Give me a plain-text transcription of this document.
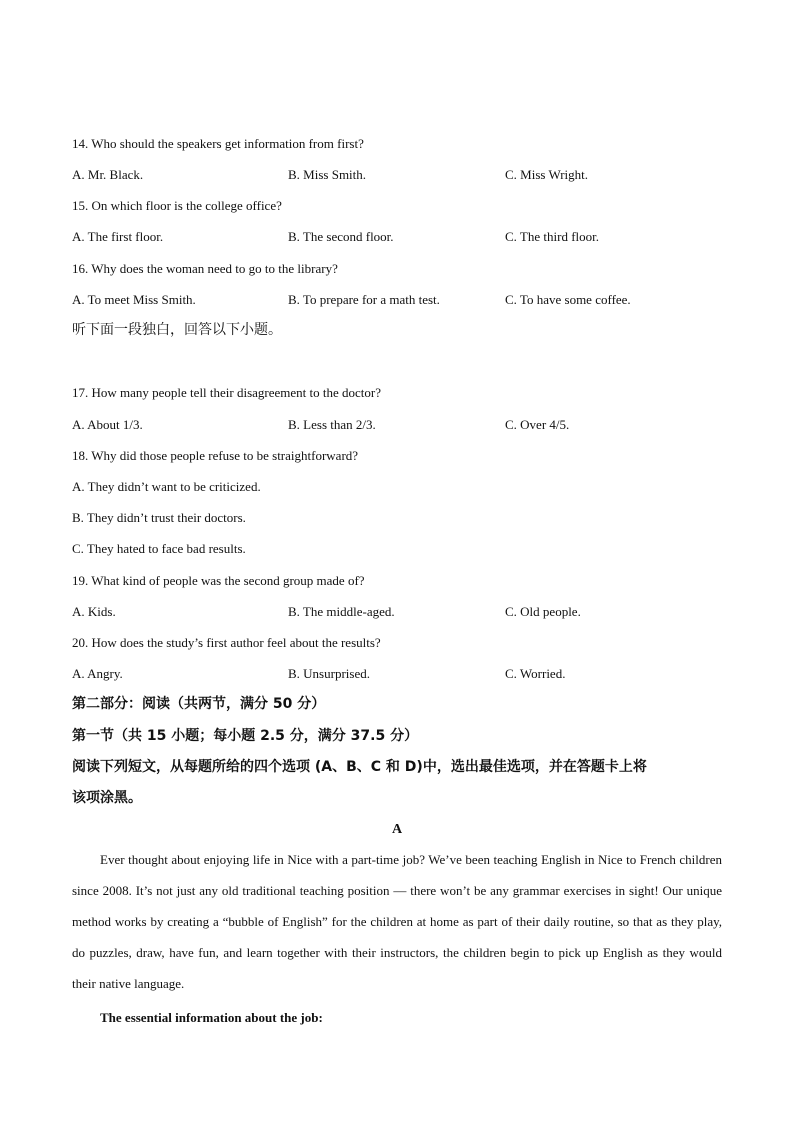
14. Who should the speakers get information from first?
A. Mr. Black.	B. Miss Smith.	C. Miss Wright.
15. On which floor is the college office?
A. The first floor.	B. The second floor.	C. The third floor.
16. Why does the woman need to go to the library?
A. To meet Miss Smith.	B. To prepare for a math test.	C. To have some coffee.
听下面一段独白，回答以下小题。
17. How many people tell their disagreement to the doctor?
A. About 1/3.	B. Less than 2/3.	C. Over 4/5.
18. Why did those people refuse to be straightforward?
A. They didn’t want to be criticized.
B. They didn’t trust their doctors.
C. They hated to face bad results.
19. What kind of people was the second group made of?
A. Kids.	B. The middle-aged.	C. Old people.
20. How does the study’s first author feel about the results?
A. Angry.	B. Unsurprised.	C. Worried.
第二部分：阅读（共两节，满分 50 分）
第一节（共 15 小题；每小题 2.5 分，满分 37.5 分）
阅读下列短文，从每题所给的四个选项 (A、B、C 和 D)中，选出最佳选项，并在答题卡上将
该项涂黑。
A
Ever thought about enjoying life in Nice with a part-time job? We’ve been teaching English in Nice to French children since 2008. It’s not just any old traditional teaching position — there won’t be any grammar exercises in sight! Our unique method works by creating a “bubble of English” for the children at home as part of their daily routine, so that as they play, do puzzles, draw, have fun, and learn together with their instructors, the children begin to pick up English as they would their native language.
The essential information about the job:
